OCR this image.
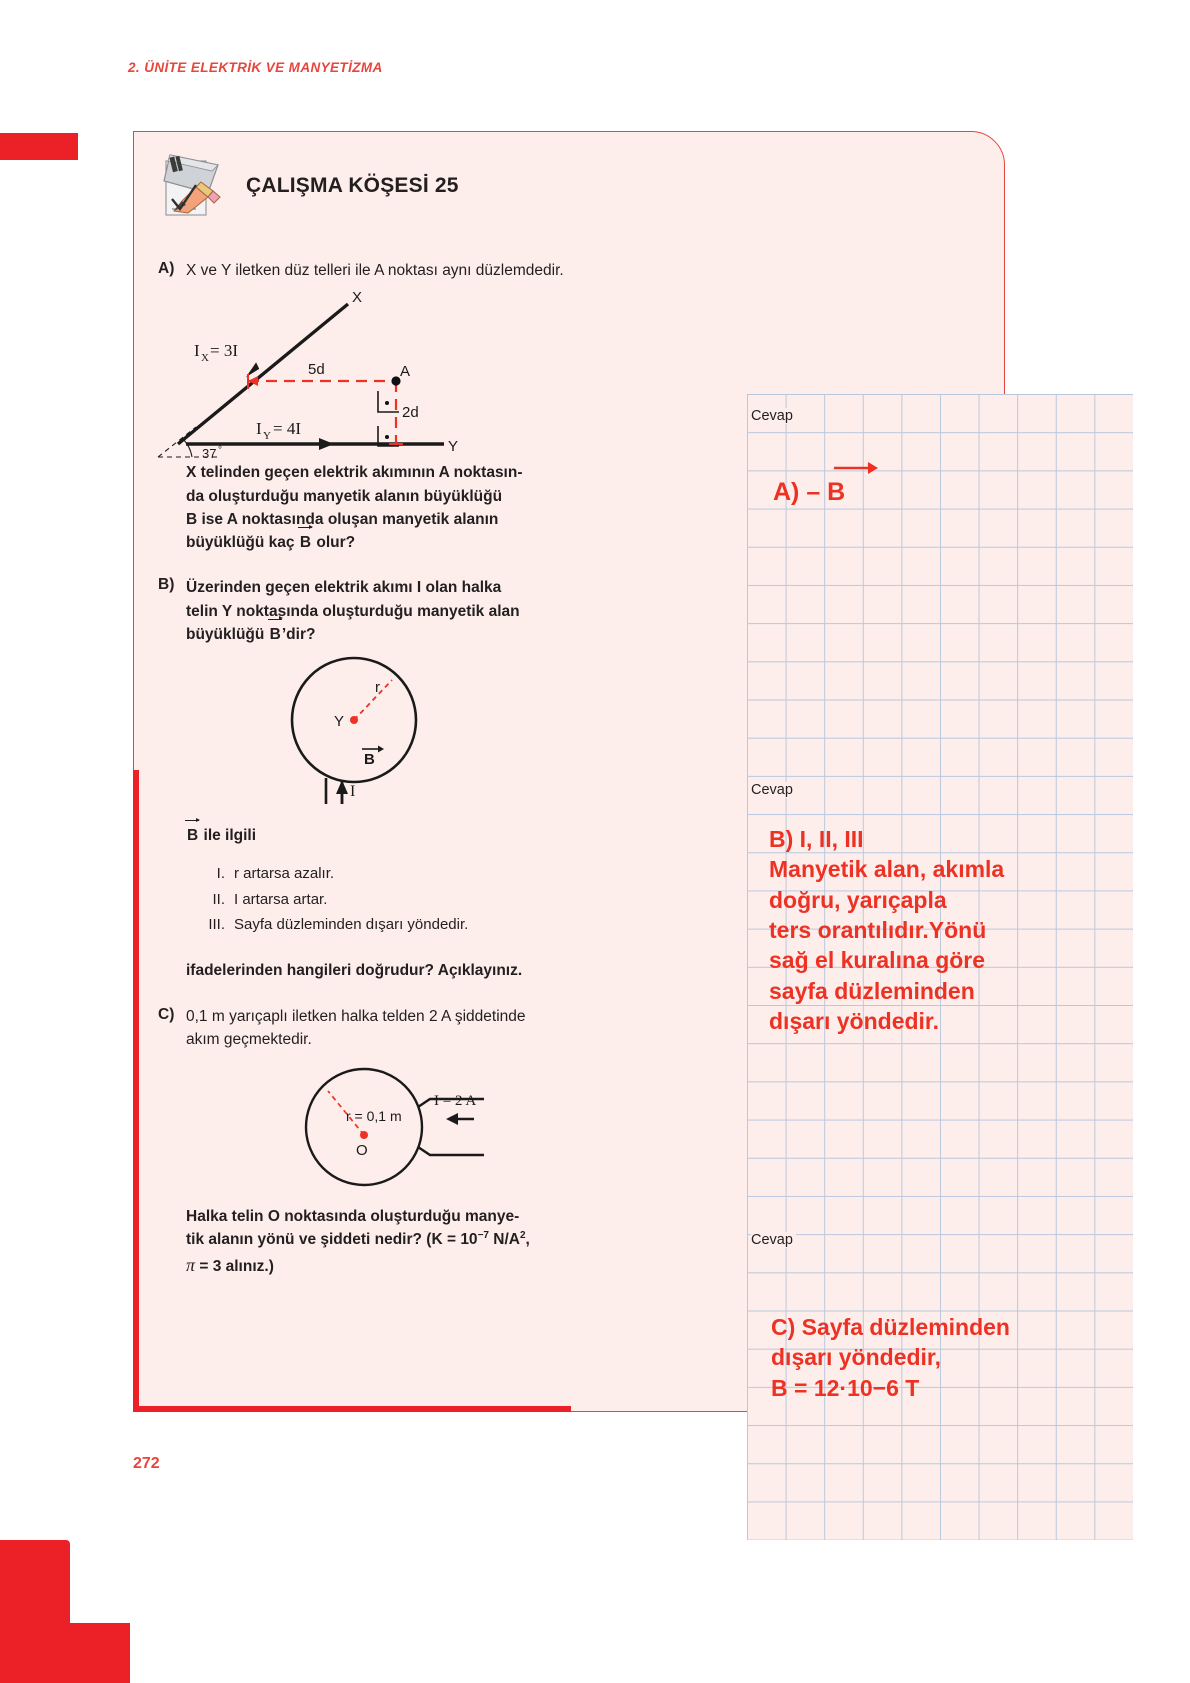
2. ÜNİTE ELEKTRİK VE MANYETİZMA
ÇALIŞMA KÖŞESİ 25
A) X ve Y iletken düz telleri ile A noktası aynı düzlemdedir.
X
Y
37 °
A
5d
2d
I X = 3I
I Y = 4I
X telinden geçen elektrik akımının A noktasın-
da oluşturduğu manyetik alanın büyüklüğü
B ise A noktasında oluşan manyetik alanın
büyüklüğü kaç B olur?
B) Üzerinden geçen elektrik akımı I olan halka
telin Y noktasında oluşturduğu manyetik alan
büyüklüğü B’dir?
Y
r
B
I
B ile ilgili
I. r artarsa azalır.
II. I artarsa artar.
III. Sayfa düzleminden dışarı yöndedir.
ifadelerinden hangileri doğrudur? Açıklayınız.
C) 0,1 m yarıçaplı iletken halka telden 2 A şiddetinde
akım geçmektedir.
O
r = 0,1 m
I = 2 A
Halka telin O noktasında oluşturduğu manye-
tik alanın yönü ve şiddeti nedir? ($K = 10^{-7}$ $N/A^2$,
π = 3 alınız.)
Cevap
A) – B
Cevap
B) I, II, III
Manyetik alan, akımla
doğru, yarıçapla
ters orantılıdır.Yönü
sağ el kuralına göre
sayfa düzleminden
dışarı yöndedir.
Cevap
C) Sayfa düzleminden
dışarı yöndedir,
B = 12·10−6 T
272
